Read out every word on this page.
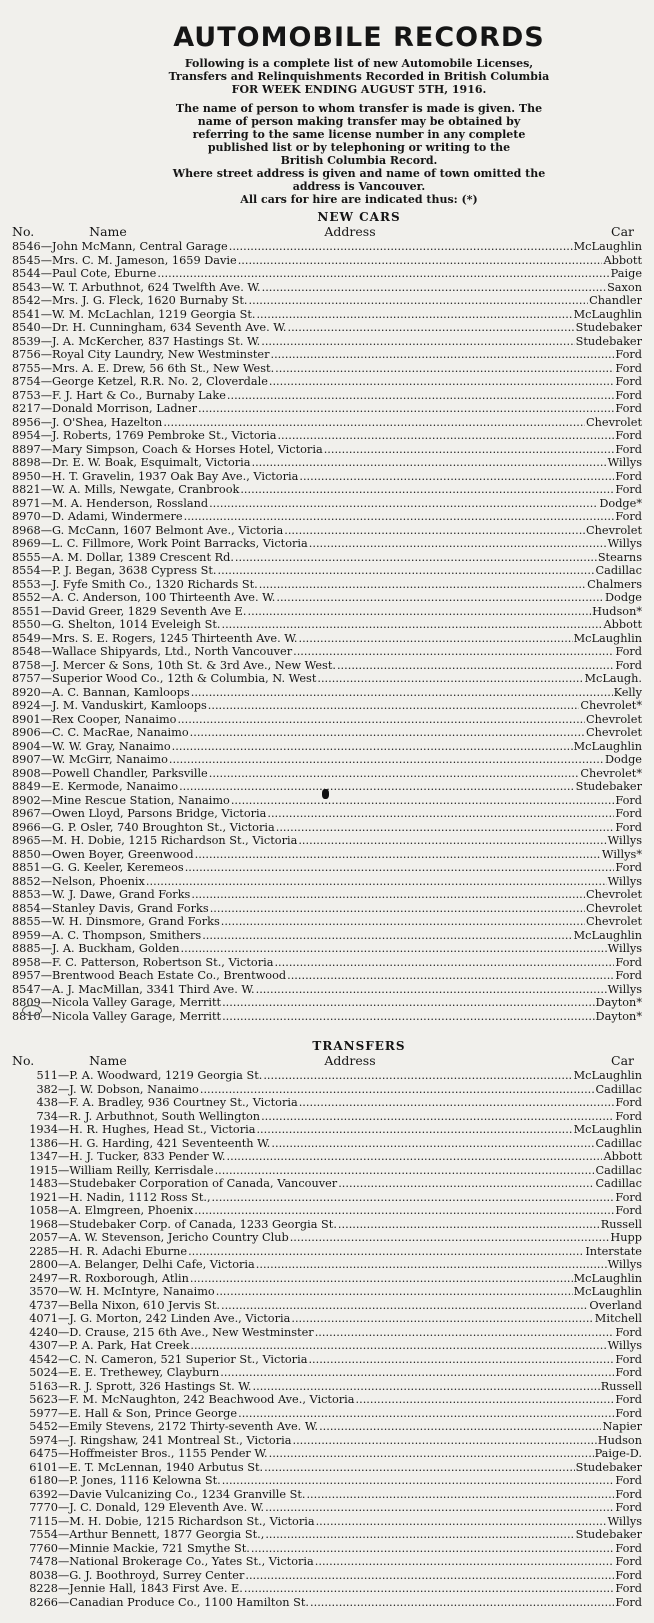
AUTOMOBILE RECORDS
Following is a complete list of new Automobile Licenses,
Transfers and Relinquishments Recorded in British Columbia
FOR WEEK ENDING AUGUST 5TH, 1916.
The name of person to whom transfer is made is given. The
name of person making transfer may be obtained by
referring to the same license number in any complete
published list or by telephoning or writing to the
British Columbia Record.
Where street address is given and name of town omitted the
address is Vancouver.
All cars for hire are indicated thus: (*)
NEW CARS
No.	Name	Address	Car
8546 — John McMann, Central Garage .....	McLaughlin
8545 — Mrs. C. M. Jameson, 1659 Davie .....	Abbott
8544 — Paul Cote, Eburne .....	Paige
8543 — W. T. Arbuthnot, 624 Twelfth Ave. W. .....	Saxon
8542 — Mrs. J. G. Fleck, 1620 Burnaby St. .....	Chandler
8541 — W. M. McLachlan, 1219 Georgia St. .....	McLaughlin
8540 — Dr. H. Cunningham, 634 Seventh Ave. W. .....	Studebaker
8539 — J. A. McKercher, 837 Hastings St. W. .....	Studebaker
8756 — Royal City Laundry, New Westminster .....	Ford
8755 — Mrs. A. E. Drew, 56 6th St., New West. .....	Ford
8754 — George Ketzel, R.R. No. 2, Cloverdale .....	Ford
8753 — F. J. Hart & Co., Burnaby Lake .....	Ford
8217 — Donald Morrison, Ladner .....	Ford
8956 — J. O'Shea, Hazelton .....	Chevrolet
8954 — J. Roberts, 1769 Pembroke St., Victoria .....	Ford
8897 — Mary Simpson, Coach & Horses Hotel, Victoria .....	Ford
8898 — Dr. E. W. Boak, Esquimalt, Victoria .....	Willys
8950 — H. T. Gravelin, 1937 Oak Bay Ave., Victoria .....	Ford
8821 — W. A. Mills, Newgate, Cranbrook .....	Ford
8971 — M. A. Henderson, Rossland .....	Dodge*
8970 — D. Adami, Windermere .....	Ford
8968 — G. McCann, 1607 Belmont Ave., Victoria .....	Chevrolet
8969 — L. C. Fillmore, Work Point Barracks, Victoria .....	Willys
8555 — A. M. Dollar, 1389 Crescent Rd. .....	Stearns
8554 — P. J. Began, 3638 Cypress St. .....	Cadillac
8553 — J. Fyfe Smith Co., 1320 Richards St. .....	Chalmers
8552 — A. C. Anderson, 100 Thirteenth Ave. W. .....	Dodge
8551 — David Greer, 1829 Seventh Ave E. .....	Hudson*
8550 — G. Shelton, 1014 Eveleigh St. .....	Abbott
8549 — Mrs. S. E. Rogers, 1245 Thirteenth Ave. W. .....	McLaughlin
8548 — Wallace Shipyards, Ltd., North Vancouver .....	Ford
8758 — J. Mercer & Sons, 10th St. & 3rd Ave., New West. .....	Ford
8757 — Superior Wood Co., 12th & Columbia, N. West .....	McLaugh.
8920 — A. C. Bannan, Kamloops .....	Kelly
8924 — J. M. Vanduskirt, Kamloops .....	Chevrolet*
8901 — Rex Cooper, Nanaimo .....	Chevrolet
8906 — C. C. MacRae, Nanaimo .....	Chevrolet
8904 — W. W. Gray, Nanaimo .....	McLaughlin
8907 — W. McGirr, Nanaimo .....	Dodge
8908 — Powell Chandler, Parksville .....	Chevrolet*
8849 — E. Kermode, Nanaimo .....	Studebaker
8902 — Mine Rescue Station, Nanaimo .....	Ford
8967 — Owen Lloyd, Parsons Bridge, Victoria .....	Ford
8966 — G. P. Osler, 740 Broughton St., Victoria .....	Ford
8965 — M. H. Dobie, 1215 Richardson St., Victoria .....	Willys
8850 — Owen Boyer, Greenwood .....	Willys*
8851 — G. G. Keeler, Keremeos .....	Ford
8852 — Nelson, Phoenix .....	Willys
8853 — W. J. Dawe, Grand Forks .....	Chevrolet
8854 — Stanley Davis, Grand Forks .....	Chevrolet
8855 — W. H. Dinsmore, Grand Forks .....	Chevrolet
8959 — A. C. Thompson, Smithers .....	McLaughlin
8885 — J. A. Buckham, Golden .....	Willys
8958 — F. C. Patterson, Robertson St., Victoria .....	Ford
8957 — Brentwood Beach Estate Co., Brentwood .....	Ford
8547 — A. J. MacMillan, 3341 Third Ave. W. .....	Willys
8809 — Nicola Valley Garage, Merritt .....	Dayton*
8810 — Nicola Valley Garage, Merritt .....	Dayton*
TRANSFERS
No.	Name	Address	Car
511 — P. A. Woodward, 1219 Georgia St. .....	McLaughlin
382 — J. W. Dobson, Nanaimo .....	Cadillac
438 — F. A. Bradley, 936 Courtney St., Victoria .....	Ford
734 — R. J. Arbuthnot, South Wellington .....	Ford
1934 — H. R. Hughes, Head St., Victoria .....	McLaughlin
1386 — H. G. Harding, 421 Seventeenth W. .....	Cadillac
1347 — H. J. Tucker, 833 Pender W. .....	Abbott
1915 — William Reilly, Kerrisdale .....	Cadillac
1483 — Studebaker Corporation of Canada, Vancouver .....	Cadillac
1921 — H. Nadin, 1112 Ross St., .....	Ford
1058 — A. Elmgreen, Phoenix .....	Ford
1968 — Studebaker Corp. of Canada, 1233 Georgia St. .....	Russell
2057 — A. W. Stevenson, Jericho Country Club .....	Hupp
2285 — H. R. Adachi Eburne .....	Interstate
2800 — A. Belanger, Delhi Cafe, Victoria .....	Willys
2497 — R. Roxborough, Atlin .....	McLaughlin
3570 — W. H. McIntyre, Nanaimo .....	McLaughlin
4737 — Bella Nixon, 610 Jervis St. .....	Overland
4071 — J. G. Morton, 242 Linden Ave., Victoria .....	Mitchell
4240 — D. Crause, 215 6th Ave., New Westminster .....	Ford
4307 — P. A. Park, Hat Creek .....	Willys
4542 — C. N. Cameron, 521 Superior St., Victoria .....	Ford
5024 — E. E. Trethewey, Clayburn .....	Ford
5163 — R. J. Sprott, 326 Hastings St. W. .....	Russell
5623 — F. M. McNaughton, 242 Beachwood Ave., Victoria .....	Ford
5977 — E. Hall & Son, Prince George .....	Ford
5452 — Emily Stevens, 2172 Thirty-seventh Ave. W. .....	Napier
5974 — J. Ringshaw, 241 Montreal St., Victoria .....	Hudson
6475 — Hoffmeister Bros., 1155 Pender W. .....	Paige-D.
6101 — E. T. McLennan, 1940 Arbutus St. .....	Studebaker
6180 — P. Jones, 1116 Kelowna St. .....	Ford
6392 — Davie Vulcanizing Co., 1234 Granville St. .....	Ford
7770 — J. C. Donald, 129 Eleventh Ave. W. .....	Ford
7115 — M. H. Dobie, 1215 Richardson St., Victoria .....	Willys
7554 — Arthur Bennett, 1877 Georgia St., .....	Studebaker
7760 — Minnie Mackie, 721 Smythe St. .....	Ford
7478 — National Brokerage Co., Yates St., Victoria .....	Ford
8038 — G. J. Boothroyd, Surrey Center .....	Ford
8228 — Jennie Hall, 1843 First Ave. E. .....	Ford
8266 — Canadian Produce Co., 1100 Hamilton St. .....	Ford
